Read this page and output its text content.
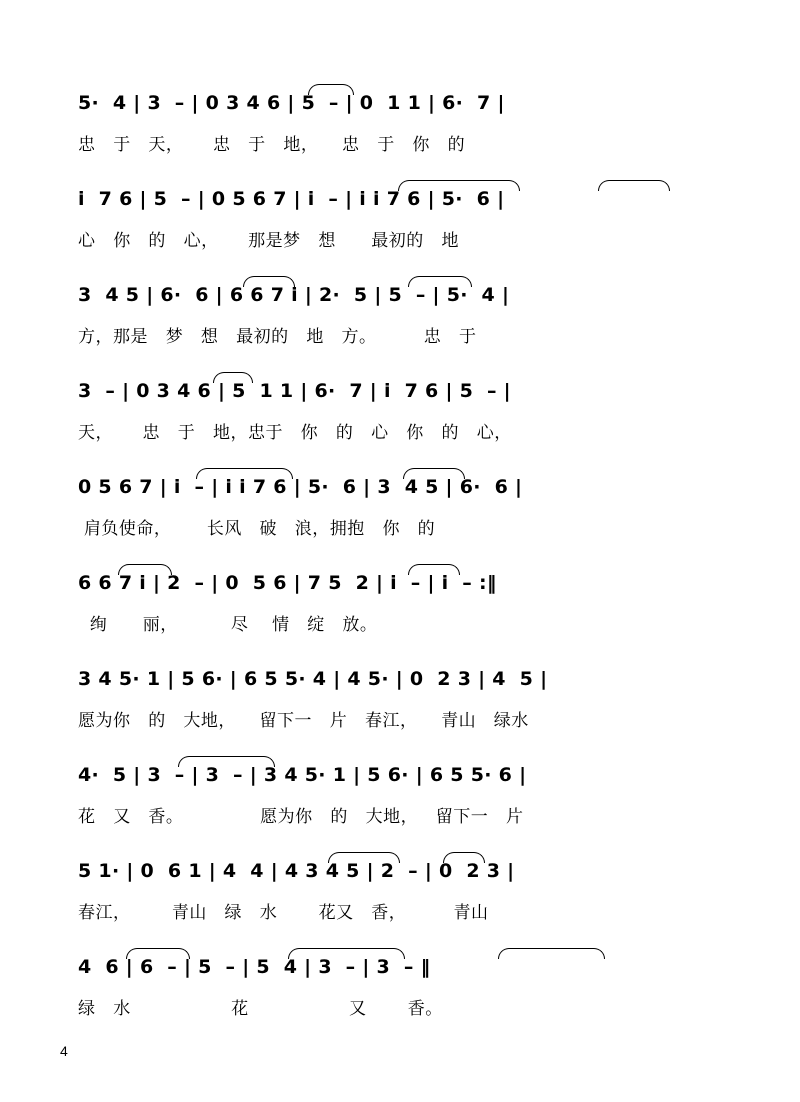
5·  4 | 3  – | 0 3 4 6 | 5  – | 0  1 1 | 6·  7 |
忠   于   天，     忠   于   地，    忠   于   你   的
i  7 6 | 5  – | 0 5 6 7 | i  – | i i 7 6 | 5·  6 |
心   你   的   心，     那是梦   想      最初的   地
3  4 5 | 6·  6 | 6 6 7 i | 2·  5 | 5  – | 5·  4 |
方，那是   梦   想   最初的   地   方。        忠   于
3  – | 0 3 4 6 | 5  1 1 | 6·  7 | i  7 6 | 5  – |
天，     忠   于   地，忠于   你   的   心   你   的   心，
0 5 6 7 | i  – | i i 7 6 | 5·  6 | 3  4 5 | 6·  6 |
肩负使命，      长风   破   浪，拥抱   你   的
6 6 7 i | 2  – | 0  5 6 | 7 5  2 | i  – | i  – :‖
绚      丽，         尽    情   绽   放。
3 4 5· 1 | 5 6· | 6 5 5· 4 | 4 5· | 0  2 3 | 4  5 |
愿为你   的   大地，    留下一   片   春江，    青山   绿水
4·  5 | 3  – | 3  – | 3 4 5· 1 | 5 6· | 6 5 5· 6 |
花   又   香。             愿为你   的   大地，   留下一   片
5 1· | 0  6 1 | 4  4 | 4 3 4 5 | 2  – | 0  2 3 |
春江，       青山   绿   水       花又   香，        青山
4  6 | 6  – | 5  – | 5  4 | 3  – | 3  – ‖
绿   水                 花                 又       香。
4
